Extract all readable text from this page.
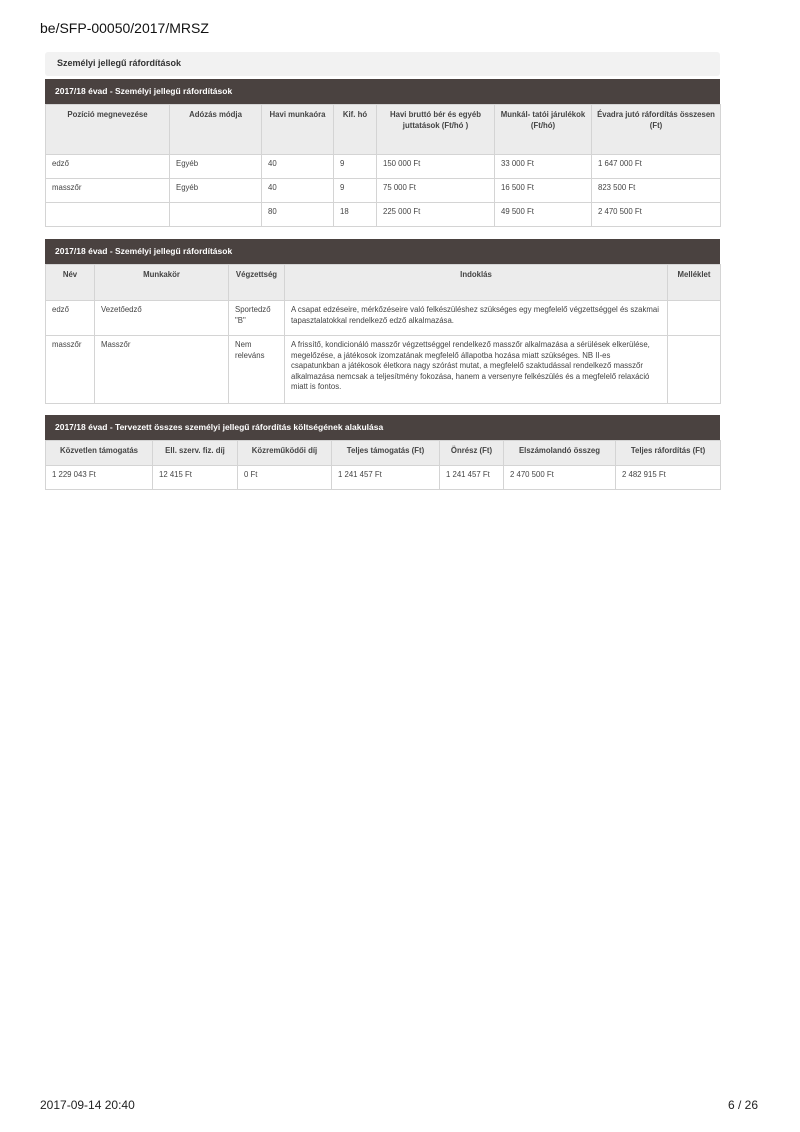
be/SFP-00050/2017/MRSZ
Személyi jellegű ráfordítások
2017/18 évad - Személyi jellegű ráfordítások
Pozíció megnevezése	Adózás módja	Havi munkaóra	Kif. hó	Havi bruttó bér és egyéb juttatások (Ft/hó )	Munkál- tatói járulékok (Ft/hó)	Évadra jutó ráfordítás összesen (Ft)
edző	Egyéb	40	9	150 000 Ft	33 000 Ft	1 647 000 Ft
masszőr	Egyéb	40	9	75 000 Ft	16 500 Ft	823 500 Ft
		80	18	225 000 Ft	49 500 Ft	2 470 500 Ft
2017/18 évad - Személyi jellegű ráfordítások
Név	Munkakör	Végzettség	Indoklás	Melléklet
edző	Vezetőedző	Sportedző "B"	A csapat edzéseire, mérkőzéseire való felkészüléshez szükséges egy megfelelő végzettséggel és szakmai tapasztalatokkal rendelkező edző alkalmazása.	
masszőr	Masszőr	Nem releváns	A frissítő, kondicionáló masszőr végzettséggel rendelkező masszőr alkalmazása a sérülések elkerülése, megelőzése, a játékosok izomzatának megfelelő állapotba hozása miatt szükséges. NB II-es csapatunkban a játékosok életkora nagy szórást mutat, a megfelelő szaktudással rendelkező masszőr alkalmazása nemcsak a teljesítmény fokozása, hanem a versenyre felkészülés és a megfelelő relaxáció miatt is fontos.	
2017/18 évad - Tervezett összes személyi jellegű ráfordítás költségének alakulása
Közvetlen támogatás	Ell. szerv. fiz. díj	Közreműködői díj	Teljes támogatás (Ft)	Önrész (Ft)	Elszámolandó összeg	Teljes ráfordítás (Ft)
1 229 043 Ft	12 415 Ft	0 Ft	1 241 457 Ft	1 241 457 Ft	2 470 500 Ft	2 482 915 Ft
2017-09-14 20:40	6 / 26
